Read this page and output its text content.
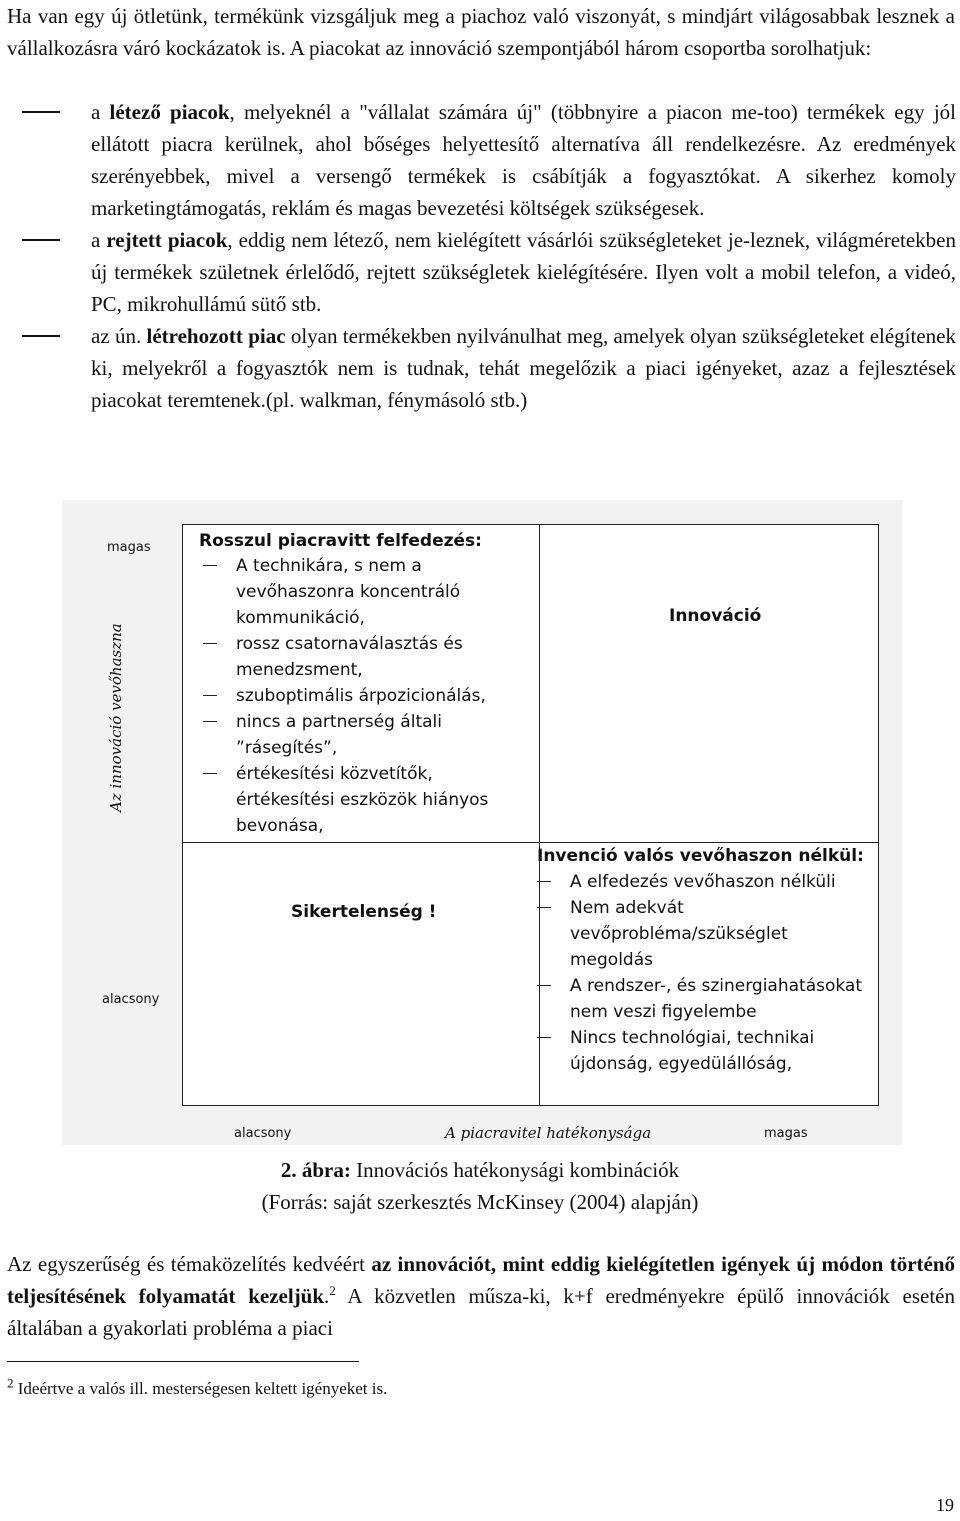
Ha van egy új ötletünk, termékünk vizsgáljuk meg a piachoz való viszonyát, s mindjárt világosabbak lesznek a vállalkozásra váró kockázatok is. A piacokat az innováció szempontjából három csoportba sorolhatjuk:

a létező piacok, melyeknél a "vállalat számára új" (többnyire a piacon me-too) termékek egy jól ellátott piacra kerülnek, ahol bőséges helyettesítő alternatíva áll rendelkezésre. Az eredmények szerényebbek, mivel a versengő termékek is csábítják a fogyasztókat. A sikerhez komoly marketingtámogatás, reklám és magas bevezetési költségek szükségesek.
a rejtett piacok, eddig nem létező, nem kielégített vásárlói szükségleteket je-leznek, világméretekben új termékek születnek érlelődő, rejtett szükségletek kielégítésére. Ilyen volt a mobil telefon, a videó, PC, mikrohullámú sütő stb.
az ún. létrehozott piac olyan termékekben nyilvánulhat meg, amelyek olyan szükségleteket elégítenek ki, melyekről a fogyasztók nem is tudnak, tehát megelőzik a piaci igényeket, azaz a fejlesztések piacokat teremtenek.(pl. walkman, fénymásoló stb.)
magas
Az innováció vevőhaszna
alacsony
Rosszul piacravitt felfedezés:
A technikára, s nem a vevőhaszonra koncentráló kommunikáció,
rossz csatornaválasztás és menedzsment,
szuboptimális árpozicionálás,
nincs a partnerség általi ”rásegítés”,
értékesítési közvetítők, értékesítési eszközök hiányos bevonása,
Innováció
Sikertelenség !
Invenció valós vevőhaszon nélkül:
A elfedezés vevőhaszon nélküli
Nem adekvát vevőprobléma/szükséglet megoldás
A rendszer-, és szinergiahatásokat nem veszi figyelembe
Nincs technológiai, technikai újdonság, egyedülállóság,
alacsony	A piacravitel hatékonysága	magas
2. ábra: Innovációs hatékonysági kombinációk
(Forrás: saját szerkesztés McKinsey (2004) alapján)

Az egyszerűség és témaközelítés kedvéért az innovációt, mint eddig kielégítetlen igények új módon történő teljesítésének folyamatát kezeljük.$^2$ A közvetlen műsza-ki, k+f eredményekre épülő innovációk esetén általában a gyakorlati probléma a piaci

$^2$ Ideértve a valós ill. mesterségesen keltett igényeket is.
19
